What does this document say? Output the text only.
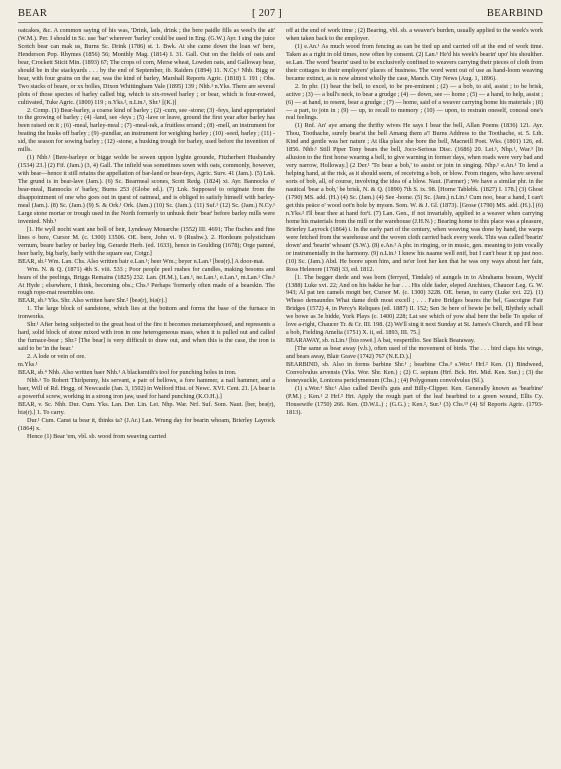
BEAR	[ 207 ]	BEARBIND

oatcakes, &c. A common saying of his was, 'Drink, lads, drink ; the bere paidle fills as weel's the ait' (W.M.). Per. I should in Sc. use 'bar' wherever 'barley' could be used in Eng. (G.W.) Ayr. I sing the juice Scotch bear can mak us, Burns Sc. Drink (1786) st. 1. Bwk. At she came down the loan wi' bere, Henderson Pop. Rhymes (1856) 56; Monthly Mag. (1814) I. 31. Gall. Out on the fields of oats and bear, Crockett Sticit Min. (1893) 67; The crops of corn, Merse wheat, Lowden oats, and Galloway bear, should be in the stackyards . . . by the end of September, ib. Raiders (1894) 11. N.Cy.¹ Nhb. Bigg or bear, with four grains on the ear, was the kind of barley, Marshall Reports Agric. (1818) I. 191 ; Obs. Two stacks of beare, or xx bolles, Dixon Whittingham Vale (1895) 139 ; Nhb.¹ n.Yks. There are several plots of those species of barley called big, which is six-rowed barley ; or bear, which is four-rowed, cultivated, Tuke Agric. (1800) 119 ; n.Yks.², n.Lin.¹, Shr.¹ [(K.)]

2. Comp. (1) Bear-barley, a coarse kind of barley ; (2) -curn, see -stone; (3) -feys, land appropriated to the growing of barley ; (4) -land, see -feys ; (5) -lave or leave, ground the first year after barley has been raised on it ; (6) -meal, barley-meal ; (7) -meal-rak, a fruitless errand ; (8) -mell, an instrument for beating the husks off barley ; (9) -pundlar, an instrument for weighing barley ; (10) -seed, barley ; (11) -sid, the season for sowing barley ; (12) -stone, a husking trough for barley, used before the invention of mills.

(1) Nhb.¹ [Bere-barleye or bigge wolde be sowen uppon lyghte grounde, Fitzherbert Husbandry (1534) 23.] (2) Fif. (Jam.) (3, 4) Gall. The infield was sometimes sown with oats, commonly, however, with bear—hence it still retains the appellation of bar-land or bear-feys, Agric. Surv. 41 (Jam.). (5) Lnk. The grund is in bear-lave (Jam.). (6) Sc. Bearmeal scones, Scott Redg. (1824) xi. Ayr. Bannocks o' bear-meal, Bannocks o' barley, Burns 253 (Globe ed.). (7) Lnk. Supposed to originate from the disappointment of one who goes out in quest of oatmeal, and is obliged to satisfy himself with barley-meal (Jam.). (8) Sc. (Jam.) (9) S. & Ork.¹ Ork. (Jam.) (10) Sc. (Jam.). (11) Suf.¹ (12) Sc. (Jam.) N.Cy.¹ Large stone mortar or trough used in the North formerly to unhusk their 'bear' before barley mills were invented. Nhb.¹

[1. He wyll nocht want ane boll of beir, Lyndesay Monarche (1552) III. 4691; The fisches and fine lines o bere, Cursor M. (c. 1300) 13506. OE. bere, John vi. 9 (Rushw.). 2. Hordeum polystichum vernum, beare barley or barley big, Gerarde Herb. (ed. 1633), hence in Goulding (1678); Orge pamné, beer barly, big barly, barly with the square ear, Cotgr.]

BEAR, sb.² Wm. Lan. Chs. Also written bair e.Lan.¹; beer Wm.; beyer n.Lan.¹ [beə(r).] A door-mat.

Wm. N. & Q. (1871) 4th S. viii. 533 ; Poor people peel rushes for candles, making besoms and bears of the peelings, Briggs Remains (1825) 232. Lan. (H.M.), Lan.¹, ne.Lan.¹, e.Lan.¹, m.Lan.¹ Chs.¹ At Hyde ; elsewhere, I think, becoming obs.; Chs.³ Perhaps 'formerly often made of a bearskin. The rough rope-mat resembles one.

BEAR, sb.³ Yks. Shr. Also written bare Shr.² [beə(r), biə(r).]

1. The large block of sandstone, which lies at the bottom and forms the base of the furnace in ironworks.

Shr.¹ After being subjected to the great heat of the fire it becomes metamorphosed, and represents a hard, solid block of stone mixed with iron in one heterogeneous mass, when it is pulled out and called the furnace-bear ; Shr.² [The bear] is very difficult to draw out, and when this is the case, the iron is said to be 'in the bear.'

2. A lode or vein of ore.

m.Yks.¹

BEAR, sb.⁴ Nhb. Also written baer Nhb.¹ A blacksmith's tool for punching holes in iron.

Nhb.¹ To Robert Thirlpenny, his servant, a pair of bellows, a fore hammer, a nail hammer, and a baer, Will of Rd. Hogg. of Newcastle (Jan. 3, 1502) in Welford Hist. of Newc. XVI. Cent. 21. [A bear is a powerful screw, working in a strong iron jaw, used for hand punching (K.O.H.).]

BEAR, v. Sc. Nhb. Dur. Cum. Yks. Lan. Der. Lin. Lei. Nhp. War. Nrf. Suf. Som. Naut. [ber, beə(r), biə(r).] 1. To carry.

Dur.¹ Cum. Canst ta bear it, thinks ta? (J.Ar.) Lan. Wrung day for bearin whoam, Brierley Layrock (1864) x.

Hence (1) Bear 'em, vbl. sb. wood from weaving carried

off at the end of work time ; (2) Bearing, vbl. sb. a weaver's burden, usually applied to the week's work when taken back to the employer.

(1) e.An.¹ As much wood from fencing as can be tied up and carried off at the end of work time. Taken as a right in old times, now often by consent. (2) Lan.¹ He'd his week's bearin' upo' his shoulther. se.Lan. The word 'bearin' used to be exclusively confined to weavers carrying their pieces of cloth from their cottages to their employers' places of business. The word went out of use as hand-loom weaving became extinct, as is now almost wholly the case, Manch. City News (Aug. 1, 1896).

2. In phr. (1) bear the bell, to excel, to be pre-eminent ; (2) — a bob, to aid, assist ; to be brisk, active ; (3) — a bull's neck, to bear a grudge ; (4) — down, see — home ; (5) — a hand, to help, assist ; (6) — at hand, to resent, bear a grudge ; (7) — home, said of a weaver carrying home his materials ; (8) — a part, to join in ; (9) — up, to recall to memory ; (10) — upon, to restrain oneself, conceal one's real feelings.

(1) Rnf. An' aye amang the thrifty wives He says I bear the bell, Allan Poems (1836) 121. Ayr. Thou, Toothache, surely bear'st the bell Amang them a'! Burns Address to the Toothache, st. 5. Lth. Kind and gentle was her nature ; At ilka place she bore the bell, Macneill Poet. Wks. (1801) 126, ed. 1856. Nhb.¹ Still Piper Tony bears the bell, Joco-Serious Disc. (1686) 20. Lei.¹, Nhp.¹, War.³ [In allusion to the first horse wearing a bell, to give warning in former days, when roads were very bad and very narrow, Holloway.] (2 Der.¹ 'To bear a bob,' to assist or join in singing. Nhp.¹ e.An.¹ To lend a helping hand, at the risk, as it should seem, of receiving a bob, or blow. From ringers, who have several sorts of bob, all, of course, involving the idea of a blow. Naut. (Farmer) ; We have a similar phr. in the nautical 'bear a bob,' be brisk, N. & Q. (1890) 7th S. ix. 98. [Horne Tablebk. (1827) I. 178.] (3) Ghost (1790) MS. add. (H.) (4) Sc. (Jam.) (4) See -home. (5) Sc. (Jam.) n.Lin.¹ Cum noo, bear a hand, I can't get this peäce o' wood oot'n hole by mysen. Som. W. & J. Gl. (1873). [Grose (1790) MS. add. (H.).] (6) n.Yks.² I'll bear thee at hand for't. (7) Lan. Gen., if not invariably, applied to a weaver when carrying home his materials from the mill or the warehouse (J.H.N.) ; Bearing home to this place was a pleasure, Brierley Layrock (1864) i. In the early part of the century, when weaving was done by hand, the warps were fetched from the warehouse and the woven cloth carried back every week. This was called 'bearin' down' and 'bearin' whoam' (S.W.). (8) e.An.¹ A phr. in ringing, or in music, gen. meaning to join vocally or instrumentally in the harmony. (9) n.Lin.¹ I knew his naame well enif, but I can't bear it up just noo. (10) Sc. (Jam.) Abd. He boore upon him, and ne'er loot her ken that he was ony ways about her fain, Ross Helenore (1768) 33, ed. 1812.

[1. The begger diede and was born (ferryed, Tindale) of aungels in to Abrahams bosum, Wyclif (1388) Luke xvi. 22; And on his bakke he bar . . . His olde fader, eleped Anchises, Chaucer Leg. G. W. 943; Al pat ten camels mogtt ber, Cursor M. (c. 1300) 3228. OE. beran, to carry (Luke xvi. 22). (1) Whoso demaundes What dame doth most excell ; . . . Faire Bridges beares the bel, Gascoigne Fair Bridges (1572) 4, in Percy's Reliques (ed. 1887) II. 152; Sen 3e bere of bewte þe bell, Blythely schall we bowe as 3e bidde, York Plays (c. 1400) 228; Lat see which of yow shal bere the belle To speke of love a-right, Chaucer Tr. & Cr. III. 198. (2) We'll sing it next Sunday at St. James's Church, and I'll bear a bob, Fielding Amelia (1751) X. ii, ed. 1893, III. 75.]

BEARAWAY, sb. n.Lin.¹ [biə rəwē.] A bat, vespertilio. See Black Bearaway.

[The same as bear away (v.b.), often used of the movement of birds. The . . . bird claps his wings, and bears away, Blair Grave (1742) 767 (N.E.D.).]

BEARBIND, sb. Also in forms barbine Shr.¹ ; bearbine Chs.³ s.Wor.¹ Hrf.² Ken. (1) Bindweed, Convolvulus arvensis (Yks. Wor. Shr. Ken.) ; (2) C. sepium (Hrf. Bck. Hrt. Mid. Ken. Sur.) ; (3) the honeysuckle, Lonicera periclymenum (Chs.) ; (4) Polygonum convolvulus (Sf.).

(1) s.Wor.¹ Shr.¹ Also called Devil's guts and Billy-Clipper. Ken. Generally known as 'bearbine' (P.M.) ; Ken.¹ 2 Hrf.² Hrt. Apply the rough part of the leaf bearbind to a green wound, Ellis Cy. Housewife (1750) 266. Ken. (D.W.L.) ; (G.G.) ; Ken.², Sur.¹ (3) Chs.¹³ (4) Sf Reports Agric. (1793-1813).
